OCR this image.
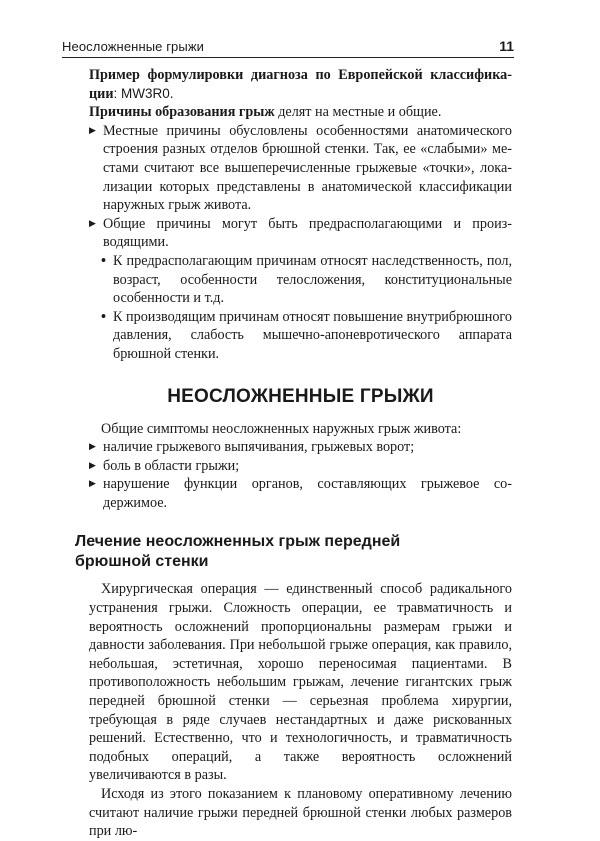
Неосложненные грыжи	11

Пример формулировки диагноза по Европейской классификации: MW3R0.

Причины образования грыж делят на местные и общие.

▶ Местные причины обусловлены особенностями анатомического строения разных отделов брюшной стенки. Так, ее «слабыми» местами считают все вышеперечисленные грыжевые «точки», локализации которых представлены в анатомической классификации наружных грыж живота.
▶ Общие причины могут быть предрасполагающими и производящими.
• К предрасполагающим причинам относят наследственность, пол, возраст, особенности телосложения, конституциональные особенности и т.д.
• К производящим причинам относят повышение внутрибрюшного давления, слабость мышечно-апоневротического аппарата брюшной стенки.
НЕОСЛОЖНЕННЫЕ ГРЫЖИ

Общие симптомы неосложненных наружных грыж живота:

▶ наличие грыжевого выпячивания, грыжевых ворот;
▶ боль в области грыжи;
▶ нарушение функции органов, составляющих грыжевое содержимое.
Лечение неосложненных грыж передней
брюшной стенки

Хирургическая операция — единственный способ радикального устранения грыжи. Сложность операции, ее травматичность и вероятность осложнений пропорциональны размерам грыжи и давности заболевания. При небольшой грыже операция, как правило, небольшая, эстетичная, хорошо переносимая пациентами. В противоположность небольшим грыжам, лечение гигантских грыж передней брюшной стенки — серьезная проблема хирургии, требующая в ряде случаев нестандартных и даже рискованных решений. Естественно, что и технологичность, и травматичность подобных операций, а также вероятность осложнений увеличиваются в разы.

Исходя из этого показанием к плановому оперативному лечению считают наличие грыжи передней брюшной стенки любых размеров при лю-
